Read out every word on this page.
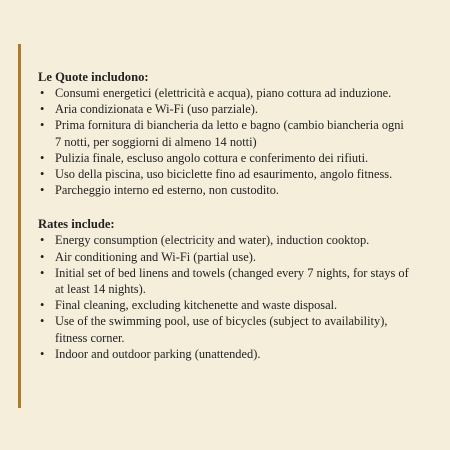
Le Quote includono:
• Consumi energetici (elettricità e acqua), piano cottura ad induzione.
• Aria condizionata e Wi-Fi (uso parziale).
• Prima fornitura di biancheria da letto e bagno (cambio biancheria ogni 7 notti, per soggiorni di almeno 14 notti)
• Pulizia finale, escluso angolo cottura e conferimento dei rifiuti.
• Uso della piscina, uso biciclette fino ad esaurimento, angolo fitness.
• Parcheggio interno ed esterno, non custodito.
Rates include:
• Energy consumption (electricity and water), induction cooktop.
• Air conditioning and Wi-Fi (partial use).
• Initial set of bed linens and towels (changed every 7 nights, for stays of at least 14 nights).
• Final cleaning, excluding kitchenette and waste disposal.
• Use of the swimming pool, use of bicycles (subject to availability), fitness corner.
• Indoor and outdoor parking (unattended).
